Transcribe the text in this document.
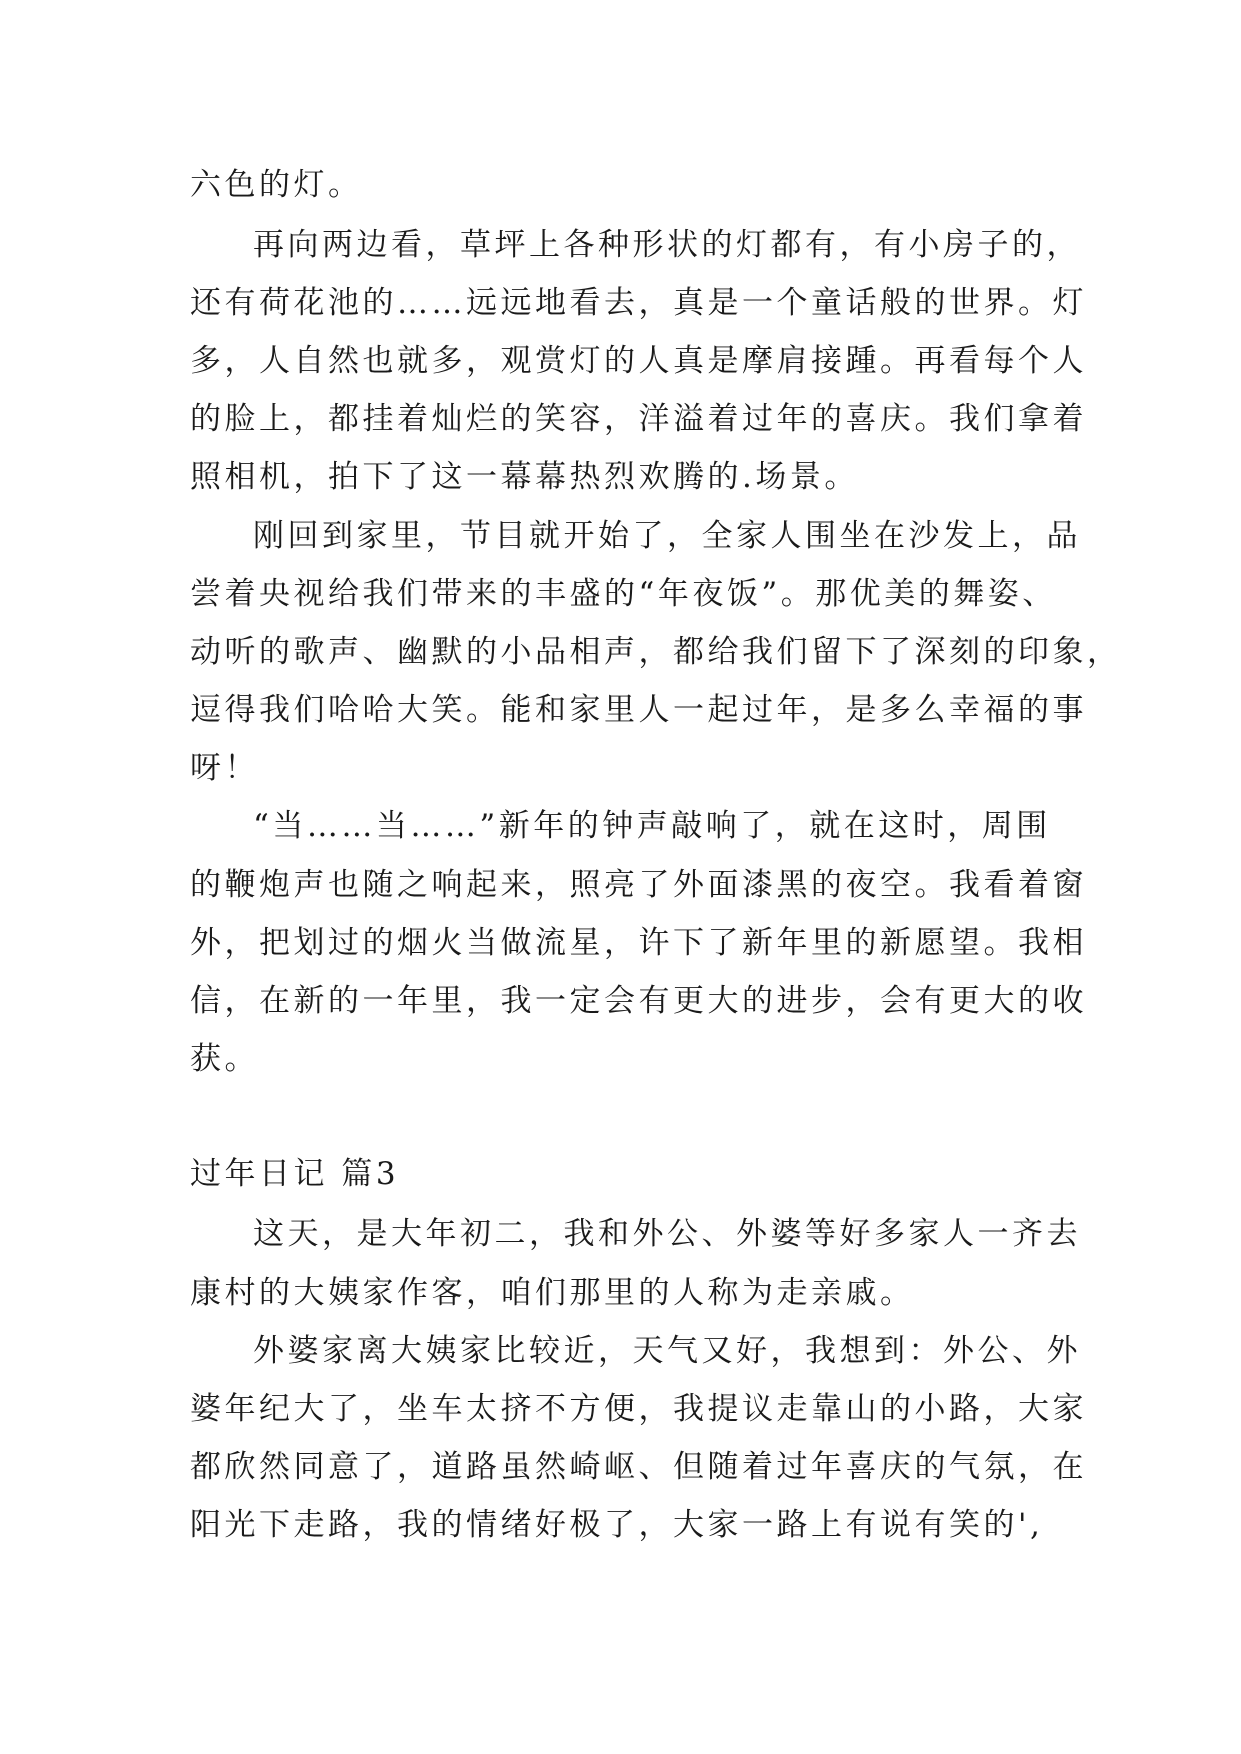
六色的灯。
再向两边看，草坪上各种形状的灯都有，有小房子的，
还有荷花池的……远远地看去，真是一个童话般的世界。灯
多，人自然也就多，观赏灯的人真是摩肩接踵。再看每个人
的脸上，都挂着灿烂的笑容，洋溢着过年的喜庆。我们拿着
照相机，拍下了这一幕幕热烈欢腾的.场景。
刚回到家里，节目就开始了，全家人围坐在沙发上，品
尝着央视给我们带来的丰盛的“年夜饭”。那优美的舞姿、
动听的歌声、幽默的小品相声，都给我们留下了深刻的印象，
逗得我们哈哈大笑。能和家里人一起过年，是多么幸福的事
呀！
“当……当……”新年的钟声敲响了，就在这时，周围
的鞭炮声也随之响起来，照亮了外面漆黑的夜空。我看着窗
外，把划过的烟火当做流星，许下了新年里的新愿望。我相
信，在新的一年里，我一定会有更大的进步，会有更大的收
获。
过年日记 篇3
这天，是大年初二，我和外公、外婆等好多家人一齐去
康村的大姨家作客，咱们那里的人称为走亲戚。
外婆家离大姨家比较近，天气又好，我想到：外公、外
婆年纪大了，坐车太挤不方便，我提议走靠山的小路，大家
都欣然同意了，道路虽然崎岖、但随着过年喜庆的气氛，在
阳光下走路，我的情绪好极了，大家一路上有说有笑的',
